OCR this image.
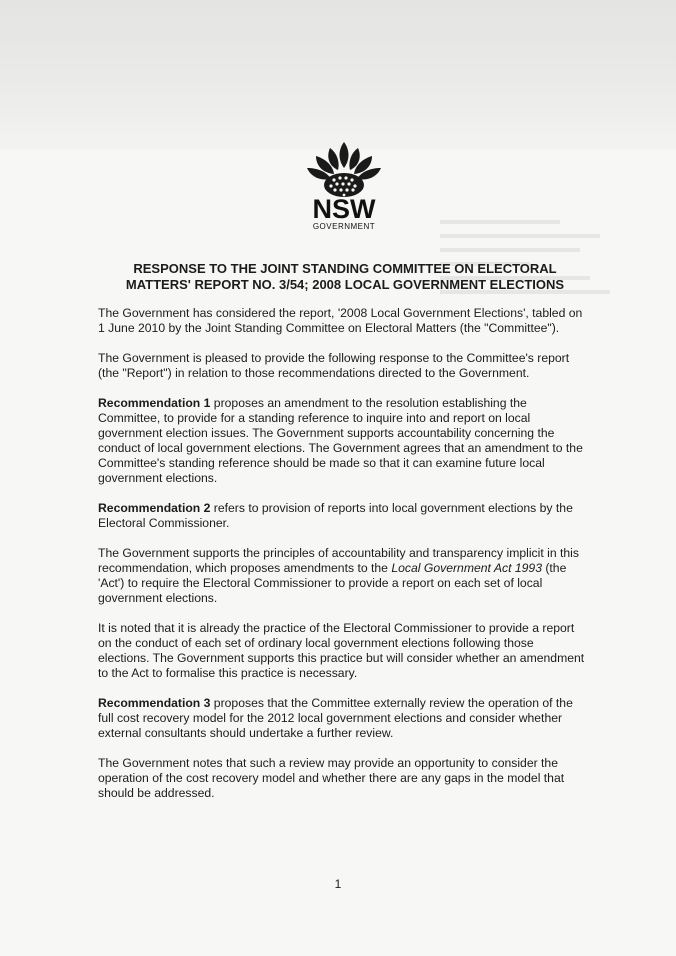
NSW
GOVERNMENT
RESPONSE TO THE JOINT STANDING COMMITTEE ON ELECTORAL
MATTERS' REPORT NO. 3/54; 2008 LOCAL GOVERNMENT ELECTIONS

The Government has considered the report, '2008 Local Government Elections', tabled on 1 June 2010 by the Joint Standing Committee on Electoral Matters (the "Committee").

The Government is pleased to provide the following response to the Committee's report (the "Report") in relation to those recommendations directed to the Government.

Recommendation 1 proposes an amendment to the resolution establishing the Committee, to provide for a standing reference to inquire into and report on local government election issues. The Government supports accountability concerning the conduct of local government elections. The Government agrees that an amendment to the Committee's standing reference should be made so that it can examine future local government elections.

Recommendation 2 refers to provision of reports into local government elections by the Electoral Commissioner.

The Government supports the principles of accountability and transparency implicit in this recommendation, which proposes amendments to the Local Government Act 1993 (the 'Act') to require the Electoral Commissioner to provide a report on each set of local government elections.

It is noted that it is already the practice of the Electoral Commissioner to provide a report on the conduct of each set of ordinary local government elections following those elections. The Government supports this practice but will consider whether an amendment to the Act to formalise this practice is necessary.

Recommendation 3 proposes that the Committee externally review the operation of the full cost recovery model for the 2012 local government elections and consider whether external consultants should undertake a further review.

The Government notes that such a review may provide an opportunity to consider the operation of the cost recovery model and whether there are any gaps in the model that should be addressed.

1
